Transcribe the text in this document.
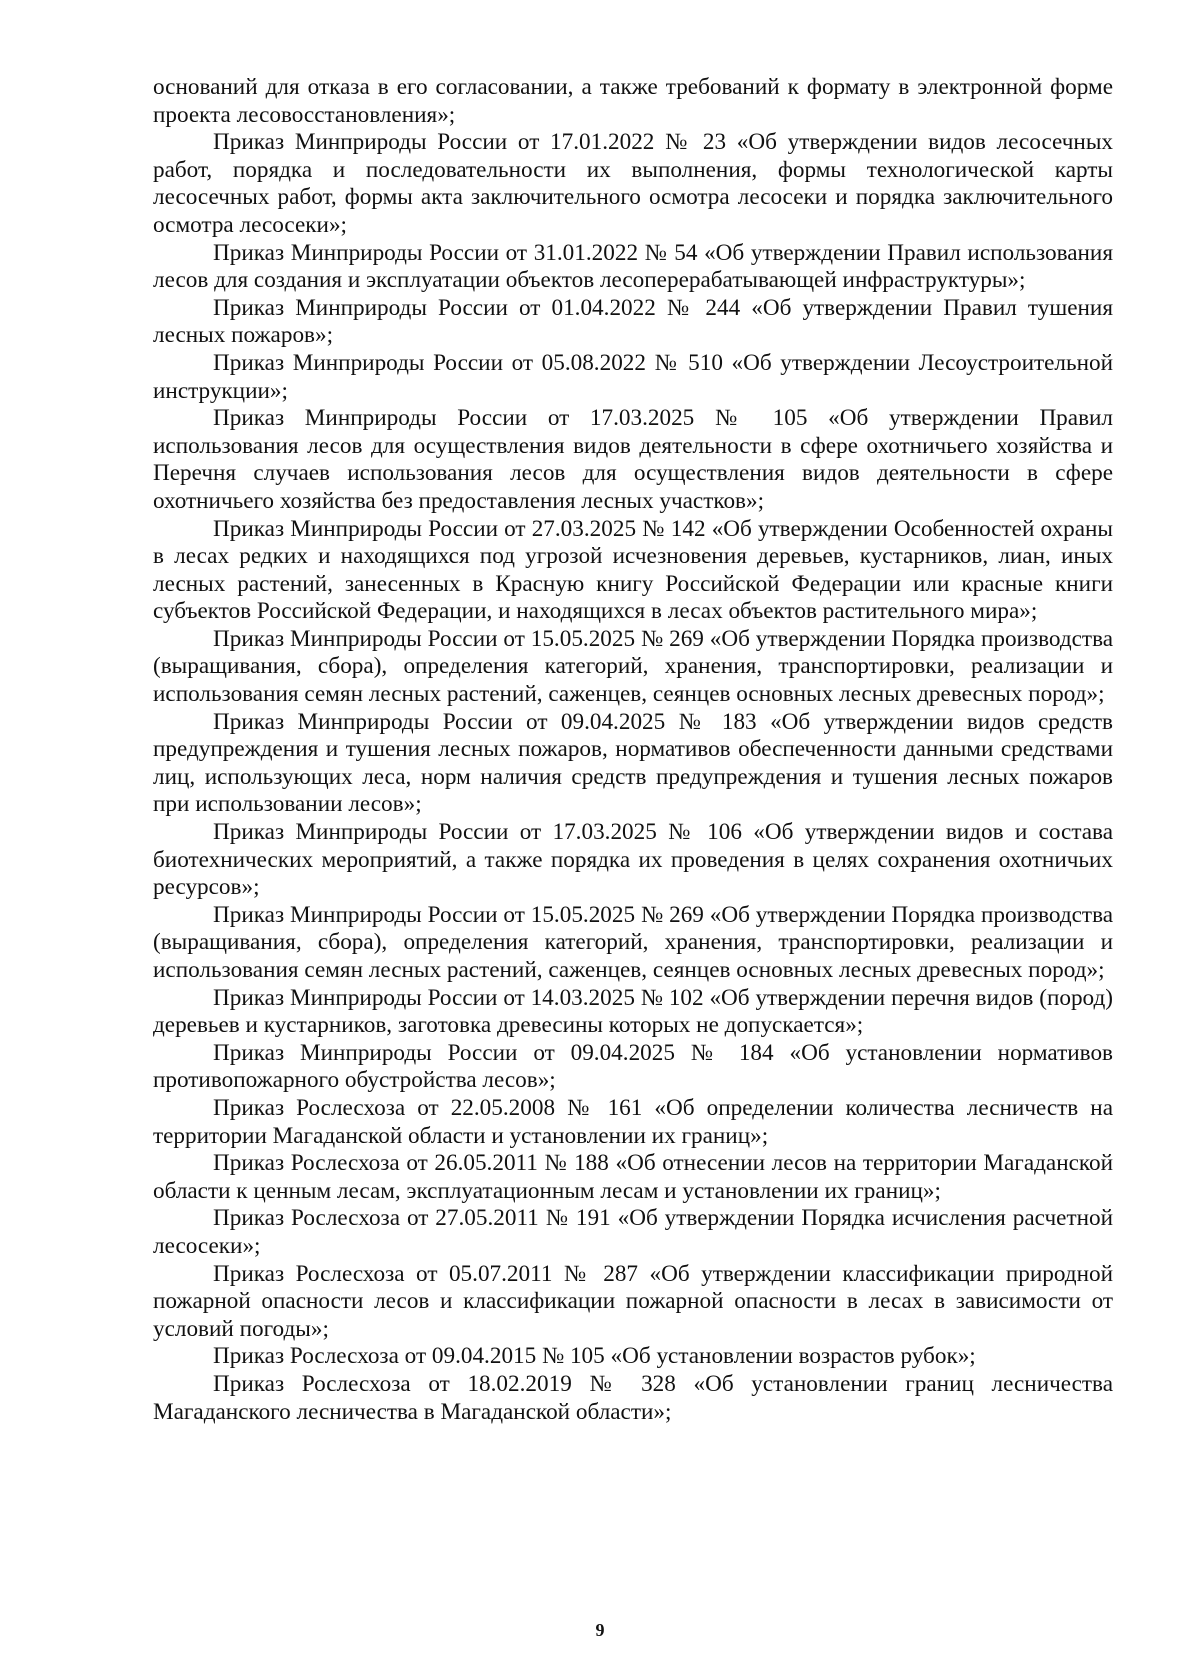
оснований для отказа в его согласовании, а также требований к формату в электронной форме проекта лесовосстановления»;

Приказ Минприроды России от 17.01.2022 № 23 «Об утверждении видов лесосечных работ, порядка и последовательности их выполнения, формы технологической карты лесосечных работ, формы акта заключительного осмотра лесосеки и порядка заключительного осмотра лесосеки»;

Приказ Минприроды России от 31.01.2022 № 54 «Об утверждении Правил использования лесов для создания и эксплуатации объектов лесоперерабатывающей инфраструктуры»;

Приказ Минприроды России от 01.04.2022 № 244 «Об утверждении Правил тушения лесных пожаров»;

Приказ Минприроды России от 05.08.2022 № 510 «Об утверждении Лесоустроительной инструкции»;

Приказ Минприроды России от 17.03.2025 № 105 «Об утверждении Правил использования лесов для осуществления видов деятельности в сфере охотничьего хозяйства и Перечня случаев использования лесов для осуществления видов деятельности в сфере охотничьего хозяйства без предоставления лесных участков»;

Приказ Минприроды России от 27.03.2025 № 142 «Об утверждении Особенностей охраны в лесах редких и находящихся под угрозой исчезновения деревьев, кустарников, лиан, иных лесных растений, занесенных в Красную книгу Российской Федерации или красные книги субъектов Российской Федерации, и находящихся в лесах объектов растительного мира»;

Приказ Минприроды России от 15.05.2025 № 269 «Об утверждении Порядка производства (выращивания, сбора), определения категорий, хранения, транспортировки, реализации и использования семян лесных растений, саженцев, сеянцев основных лесных древесных пород»;

Приказ Минприроды России от 09.04.2025 № 183 «Об утверждении видов средств предупреждения и тушения лесных пожаров, нормативов обеспеченности данными средствами лиц, использующих леса, норм наличия средств предупреждения и тушения лесных пожаров при использовании лесов»;

Приказ Минприроды России от 17.03.2025 № 106 «Об утверждении видов и состава биотехнических мероприятий, а также порядка их проведения в целях сохранения охотничьих ресурсов»;

Приказ Минприроды России от 15.05.2025 № 269 «Об утверждении Порядка производства (выращивания, сбора), определения категорий, хранения, транспортировки, реализации и использования семян лесных растений, саженцев, сеянцев основных лесных древесных пород»;

Приказ Минприроды России от 14.03.2025 № 102 «Об утверждении перечня видов (пород) деревьев и кустарников, заготовка древесины которых не допускается»;

Приказ Минприроды России от 09.04.2025 № 184 «Об установлении нормативов противопожарного обустройства лесов»;

Приказ Рослесхоза от 22.05.2008 № 161 «Об определении количества лесничеств на территории Магаданской области и установлении их границ»;

Приказ Рослесхоза от 26.05.2011 № 188 «Об отнесении лесов на территории Магаданской области к ценным лесам, эксплуатационным лесам и установлении их границ»;

Приказ Рослесхоза от 27.05.2011 № 191 «Об утверждении Порядка исчисления расчетной лесосеки»;

Приказ Рослесхоза от 05.07.2011 № 287 «Об утверждении классификации природной пожарной опасности лесов и классификации пожарной опасности в лесах в зависимости от условий погоды»;

Приказ Рослесхоза от 09.04.2015 № 105 «Об установлении возрастов рубок»;

Приказ Рослесхоза от 18.02.2019 № 328 «Об установлении границ лесничества Магаданского лесничества в Магаданской области»;

9
